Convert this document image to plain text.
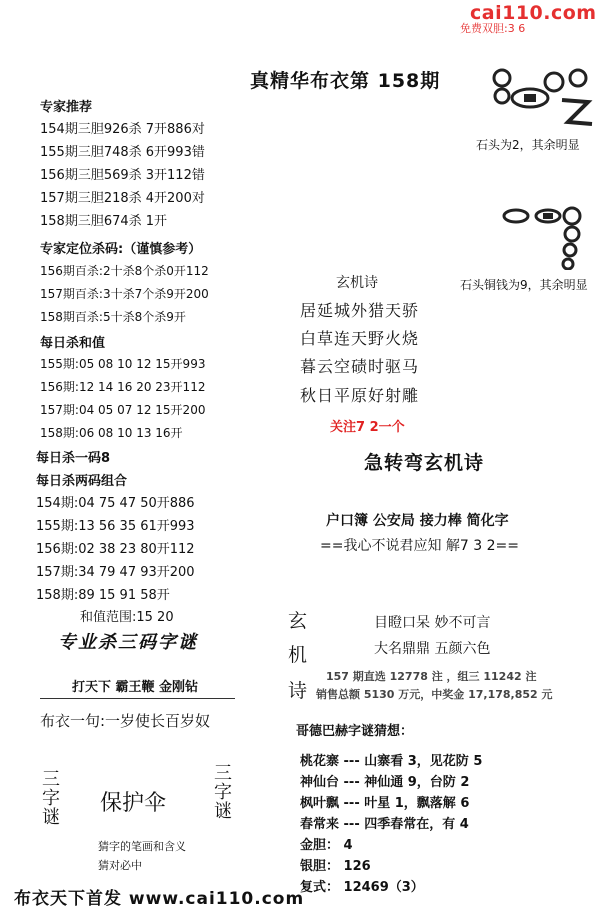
cai110.com
免费双胆:3 6
真精华布衣第 158期
石头为2，其余明显
石头铜钱为9，其余明显
专家推荐
154期三胆926杀 7开886对
155期三胆748杀 6开993错
156期三胆569杀 3开112错
157期三胆218杀 4开200对
158期三胆674杀 1开
专家定位杀码:（谨慎参考）
156期百杀:2十杀8个杀0开112
157期百杀:3十杀7个杀9开200
158期百杀:5十杀8个杀9开
每日杀和值
155期:05 08 10 12 15开993
156期:12 14 16 20 23开112
157期:04 05 07 12 15开200
158期:06 08 10 13 16开
每日杀一码8
每日杀两码组合
154期:04 75 47 50开886
155期:13 56 35 61开993
156期:02 38 23 80开112
157期:34 79 47 93开200
158期:89 15 91 58开
和值范围:15 20
专业杀三码字谜
打天下 霸王鞭 金刚钻
布衣一句:一岁使长百岁奴
三字谜
保护伞
三字谜
猜字的笔画和含义
猜对必中
玄机诗
居延城外猎天骄
白草连天野火烧
暮云空碛时驱马
秋日平原好射雕
关注7 2一个
急转弯玄机诗
户口簿 公安局 接力棒 简化字
==我心不说君应知 解7 3 2==
玄
机
诗
目瞪口呆 妙不可言
大名鼎鼎 五颜六色
157 期直选 12778 注 ，组三 11242 注
销售总额 5130 万元，中奖金 17,178,852 元
哥德巴赫字谜猜想：
桃花寨 --- 山寨看 3，见花防 5
神仙台 --- 神仙通 9，台防 2
枫叶飘 --- 叶星 1，飘落解 6
春常来 --- 四季春常在，有 4
金胆： 4
银胆： 126
复式： 12469（3）
布衣天下首发 www.cai110.com
